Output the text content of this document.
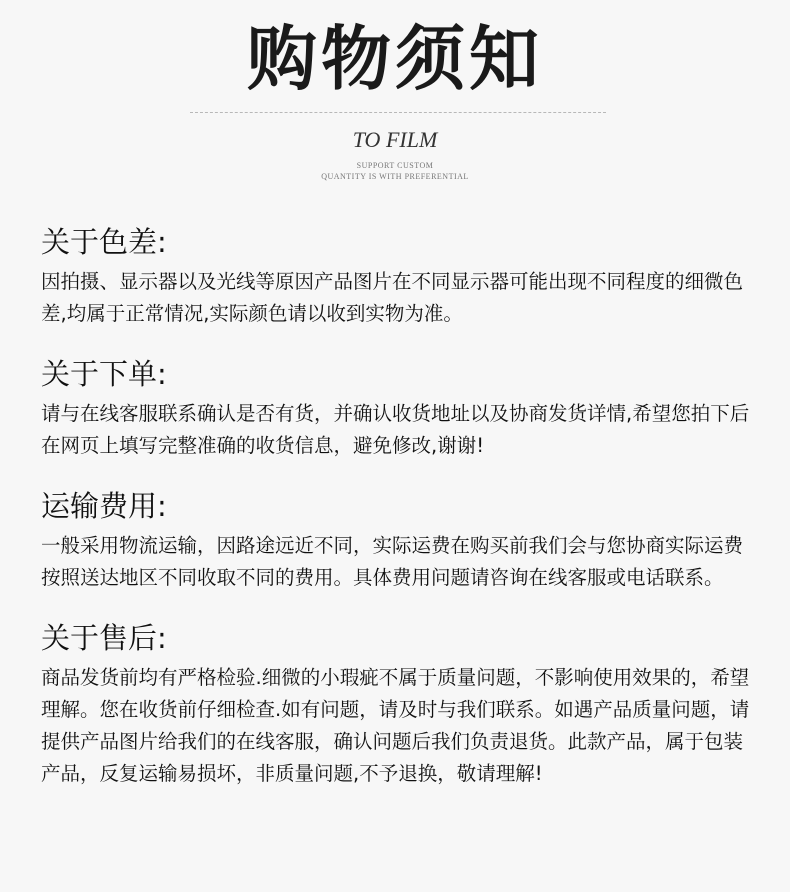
购物须知
TO FILM
SUPPORT CUSTOM
QUANTITY IS WITH PREFERENTIAL
关于色差:

因拍摄、显示器以及光线等原因产品图片在不同显示器可能出现不同程度的细微色差,均属于正常情况,实际颜色请以收到实物为准。

关于下单:

请与在线客服联系确认是否有货，并确认收货地址以及协商发货详情,希望您拍下后在网页上填写完整准确的收货信息，避免修改,谢谢!

运输费用:

一般采用物流运输，因路途远近不同，实际运费在购买前我们会与您协商实际运费按照送达地区不同收取不同的费用。具体费用问题请咨询在线客服或电话联系。

关于售后:

商品发货前均有严格检验.细微的小瑕疵不属于质量问题，不影响使用效果的，希望理解。您在收货前仔细检查.如有问题，请及时与我们联系。如遇产品质量问题，请提供产品图片给我们的在线客服，确认问题后我们负责退货。此款产品，属于包装产品，反复运输易损坏，非质量问题,不予退换，敬请理解!
